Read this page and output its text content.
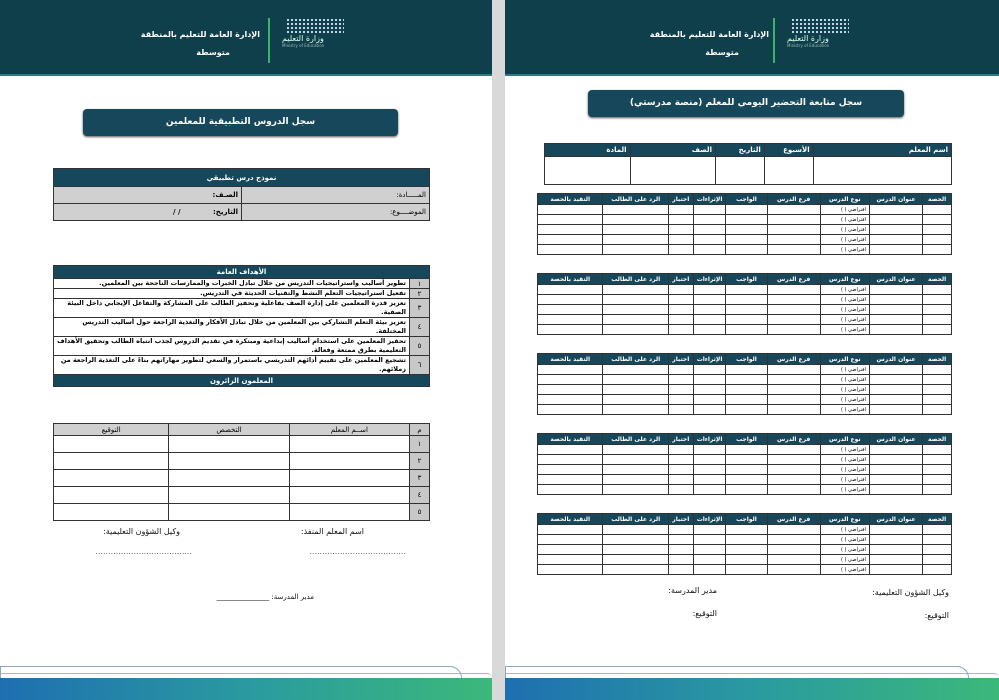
الإدارة العامة للتعليم بالمنطقة
متوسطة
وزارة التعليم
Ministry of Education
سجل الدروس التطبيقية للمعلمين
نموذج درس تطبيقي	
المـــــادة:	الصـف:
الموضــــوع:	التاريخ: / /
الأهداف العامة	
١	تطوير أساليب واستراتيجيات التدريس من خلال تبادل الخبرات والممارسات الناجحة بين المعلمين.
٢	تفعيل استراتيجيات التعلم النشط والتقنيات الحديثة في التدريس.
٣	تعزيز قدرة المعلمين على إدارة الصف بفاعلية وتحفيز الطالب على المشاركة والتفاعل الإيجابي داخل البيئة الصفية.
٤	تعزيز بيئة التعلم التشاركي بين المعلمين من خلال تبادل الأفكار والتغذية الراجعة حول أساليب التدريس المختلفة.
٥	تحفيز المعلمين على استخدام أساليب إبداعية ومبتكرة في تقديم الدروس لجذب انتباه الطالب وتحقيق الأهداف التعليمية بطرق ممتعة وفعالة.
٦	تشجيع المعلمين على تقييم أدائهم التدريسي باستمرار والسعي لتطوير مهاراتهم بناءً على التغذية الراجعة من زملائهم.
المعلمون الزائرون	
م	اســم المعلم	التخصص	التوقيع
١			
٢			
٣			
٤			
٥			
اسم المعلم المنفذ:
وكيل الشؤون التعليمية:
......................................
......................................
مدير المدرسة: _______________
الإدارة العامة للتعليم بالمنطقة
متوسطة
وزارة التعليم
Ministry of Education
سجل متابعة التحضير اليومي للمعلم (منصة مدرستي)
اسم المعلم	الأسبوع	التاريخ	الصف	المادة

الحصة	عنوان الدرس	نوع الدرس	فرع الدرس	الواجب	الإثراءات	اختبار	الرد على الطالب	التقيد بالحصة
		افتراضي ( )						
		افتراضي ( )						
		افتراضي ( )						
		افتراضي ( )						
		افتراضي ( )						
الحصة	عنوان الدرس	نوع الدرس	فرع الدرس	الواجب	الإثراءات	اختبار	الرد على الطالب	التقيد بالحصة
		افتراضي ( )						
		افتراضي ( )						
		افتراضي ( )						
		افتراضي ( )						
		افتراضي ( )						
الحصة	عنوان الدرس	نوع الدرس	فرع الدرس	الواجب	الإثراءات	اختبار	الرد على الطالب	التقيد بالحصة
		افتراضي ( )						
		افتراضي ( )						
		افتراضي ( )						
		افتراضي ( )						
		افتراضي ( )						
الحصة	عنوان الدرس	نوع الدرس	فرع الدرس	الواجب	الإثراءات	اختبار	الرد على الطالب	التقيد بالحصة
		افتراضي ( )						
		افتراضي ( )						
		افتراضي ( )						
		افتراضي ( )						
		افتراضي ( )						
الحصة	عنوان الدرس	نوع الدرس	فرع الدرس	الواجب	الإثراءات	اختبار	الرد على الطالب	التقيد بالحصة
		افتراضي ( )						
		افتراضي ( )						
		افتراضي ( )						
		افتراضي ( )						
		افتراضي ( )						
وكيل الشؤون التعليمية:
مدير المدرسة:
التوقيع:
التوقيع:
